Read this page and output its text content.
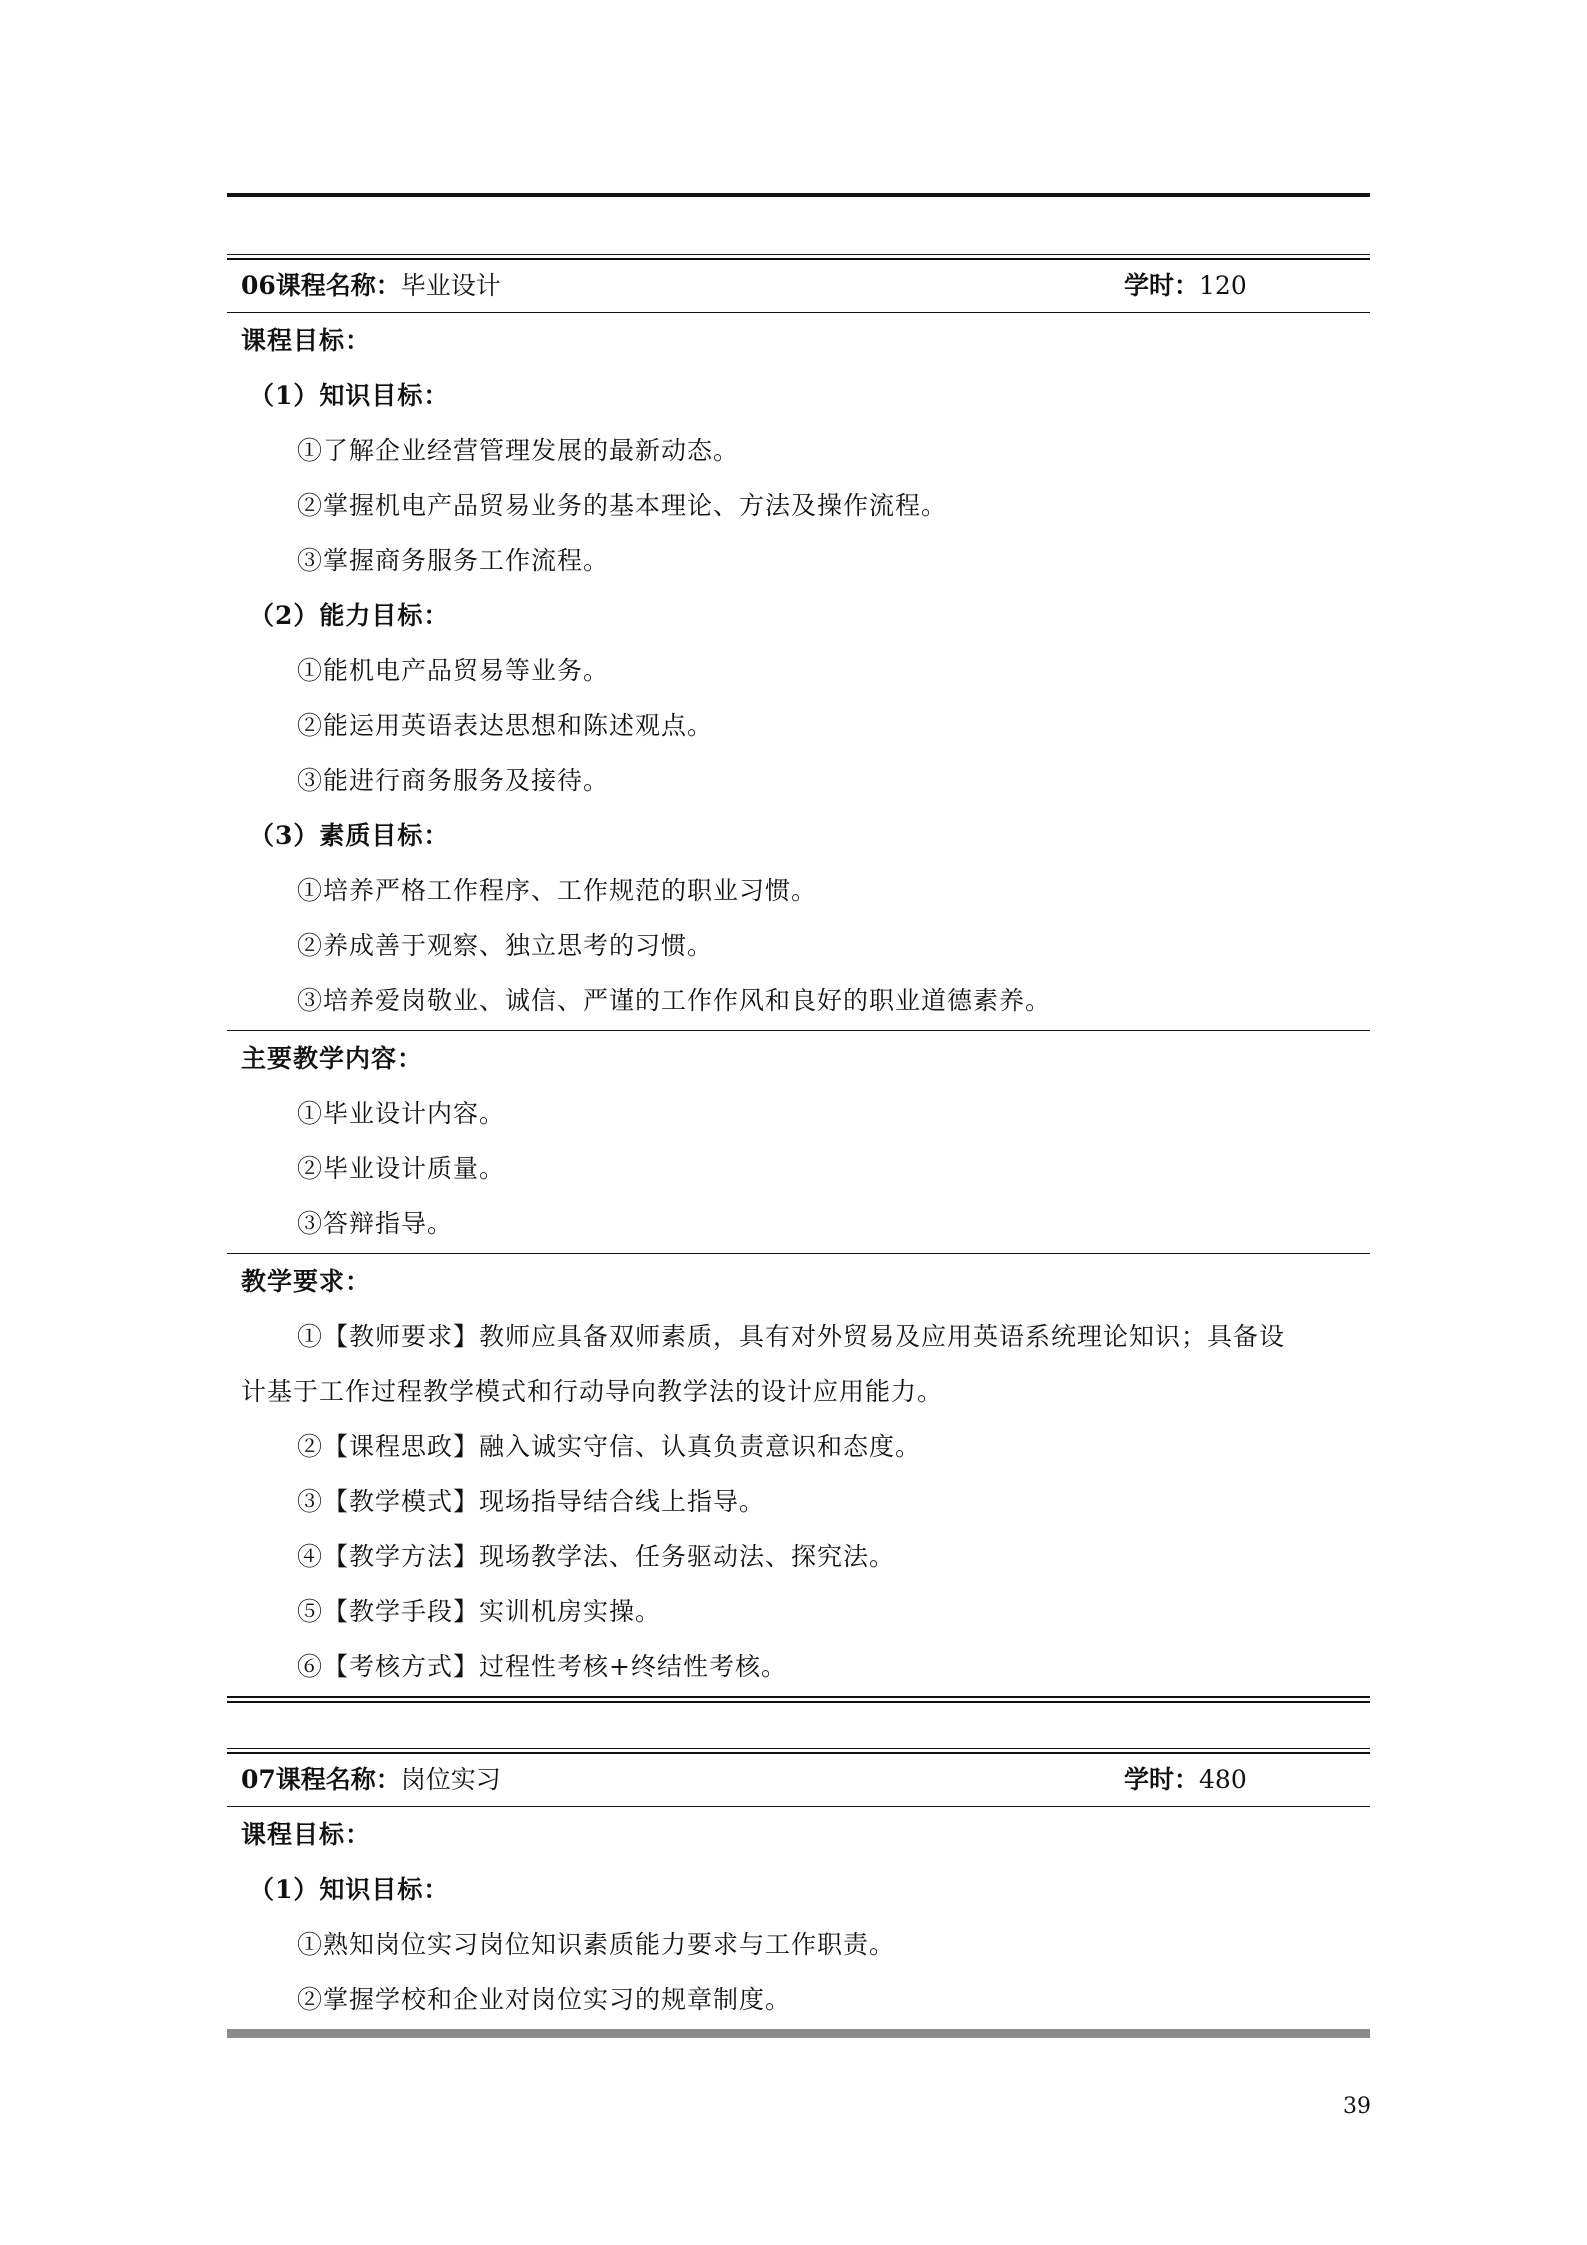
06课程名称：毕业设计	学时：120
课程目标：
（1）知识目标：
①了解企业经营管理发展的最新动态。
②掌握机电产品贸易业务的基本理论、方法及操作流程。
③掌握商务服务工作流程。
（2）能力目标：
①能机电产品贸易等业务。
②能运用英语表达思想和陈述观点。
③能进行商务服务及接待。
（3）素质目标：
①培养严格工作程序、工作规范的职业习惯。
②养成善于观察、独立思考的习惯。
③培养爱岗敬业、诚信、严谨的工作作风和良好的职业道德素养。
主要教学内容：
①毕业设计内容。
②毕业设计质量。
③答辩指导。
教学要求：
①【教师要求】教师应具备双师素质，具有对外贸易及应用英语系统理论知识；具备设
计基于工作过程教学模式和行动导向教学法的设计应用能力。
②【课程思政】融入诚实守信、认真负责意识和态度。
③【教学模式】现场指导结合线上指导。
④【教学方法】现场教学法、任务驱动法、探究法。
⑤【教学手段】实训机房实操。
⑥【考核方式】过程性考核+终结性考核。
07课程名称：岗位实习	学时：480
课程目标：
（1）知识目标：
①熟知岗位实习岗位知识素质能力要求与工作职责。
②掌握学校和企业对岗位实习的规章制度。
39
